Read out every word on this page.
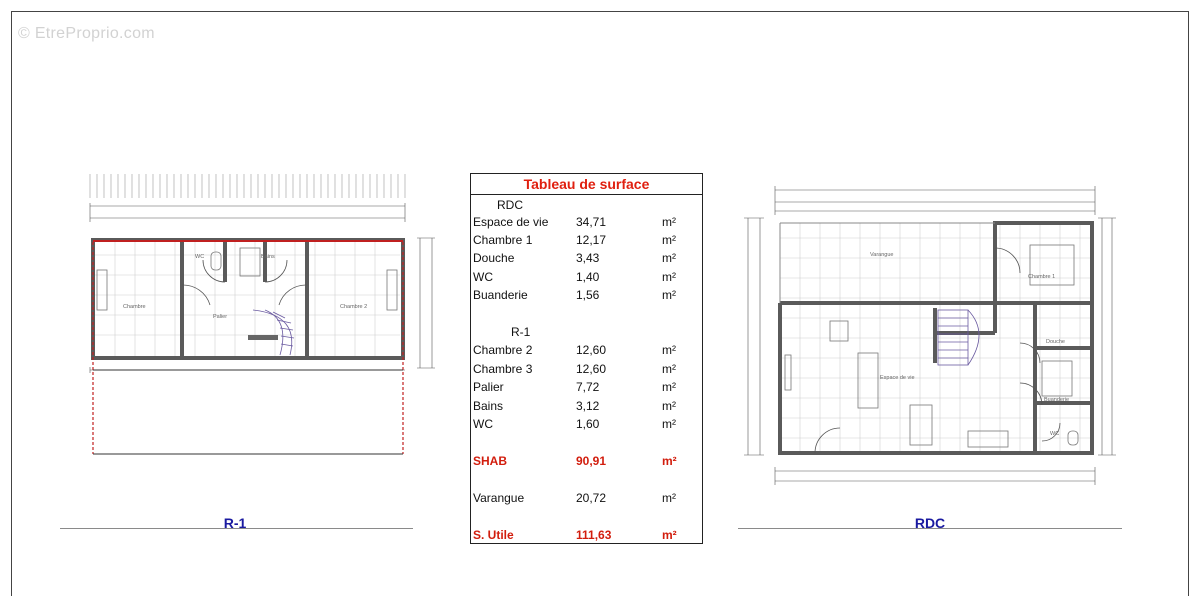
© EtreProprio.com
Chambre	Chambre 2
WC	Bains
Palier
R-1
Tableau de surface
RDC
Espace de vie 34,71	m²
Chambre 1	12,17	m²
Douche	3,43	m²
WC	1,40	m²
Buanderie	1,56	m²
R-1
Chambre 2	12,60	m²
Chambre 3	12,60	m²
Palier	7,72	m²
Bains	3,12	m²
WC	1,60	m²
SHAB	90,91	m²
Varangue	20,72	m²
S. Utile	111,63	m²
Varangue
Chambre 1
Douche
Espace de vie
Buanderie
WC
RDC
